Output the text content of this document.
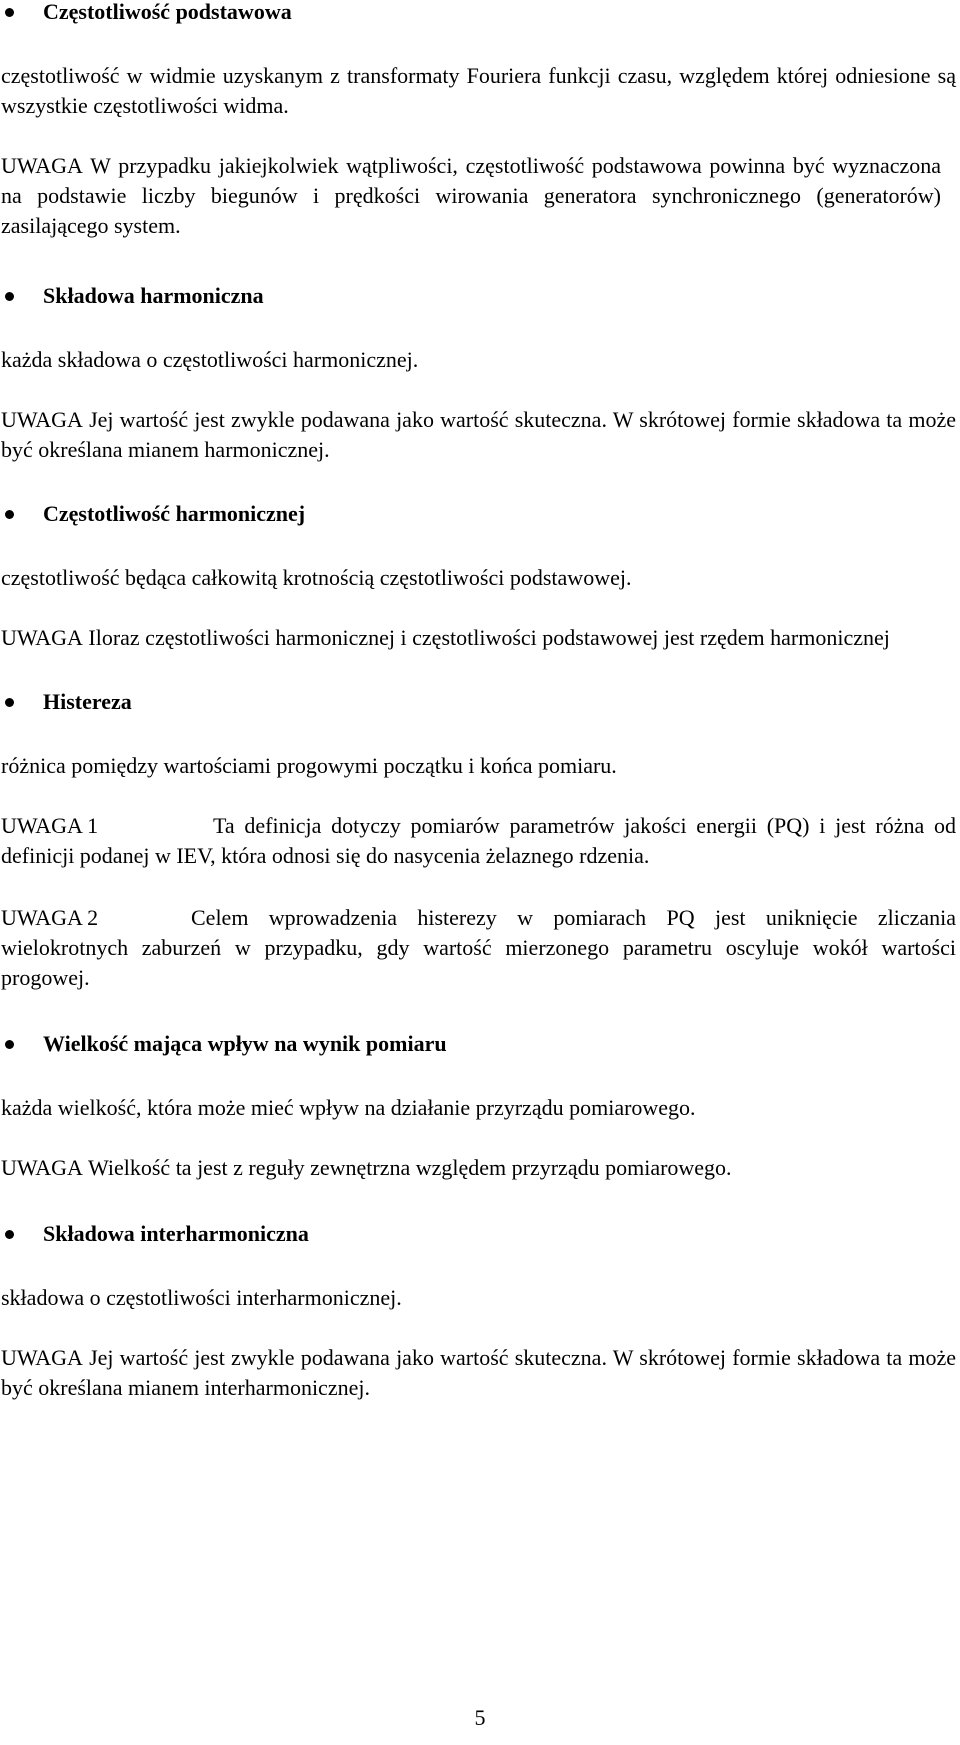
Częstotliwość podstawowa

częstotliwość w widmie uzyskanym z transformaty Fouriera funkcji czasu, względem której odniesione są wszystkie częstotliwości widma.

UWAGA W przypadku jakiejkolwiek wątpliwości, częstotliwość podstawowa powinna być wyznaczona na podstawie liczby biegunów i prędkości wirowania generatora synchronicznego (generatorów) zasilającego system.

Składowa harmoniczna

każda składowa o częstotliwości harmonicznej.

UWAGA Jej wartość jest zwykle podawana jako wartość skuteczna. W skrótowej formie składowa ta może być określana mianem harmonicznej.

Częstotliwość harmonicznej

częstotliwość będąca całkowitą krotnością częstotliwości podstawowej.

UWAGA Iloraz częstotliwości harmonicznej i częstotliwości podstawowej jest rzędem harmonicznej

Histereza

różnica pomiędzy wartościami progowymi początku i końca pomiaru.

UWAGA 1	Ta definicja dotyczy pomiarów parametrów jakości energii (PQ) i jest różna od definicji podanej w IEV, która odnosi się do nasycenia żelaznego rdzenia.

UWAGA 2	Celem wprowadzenia histerezy w pomiarach PQ jest uniknięcie zliczania wielokrotnych zaburzeń w przypadku, gdy wartość mierzonego parametru oscyluje wokół wartości progowej.

Wielkość mająca wpływ na wynik pomiaru

każda wielkość, która może mieć wpływ na działanie przyrządu pomiarowego.

UWAGA Wielkość ta jest z reguły zewnętrzna względem przyrządu pomiarowego.

Składowa interharmoniczna

składowa o częstotliwości interharmonicznej.

UWAGA Jej wartość jest zwykle podawana jako wartość skuteczna. W skrótowej formie składowa ta może być określana mianem interharmonicznej.

5
